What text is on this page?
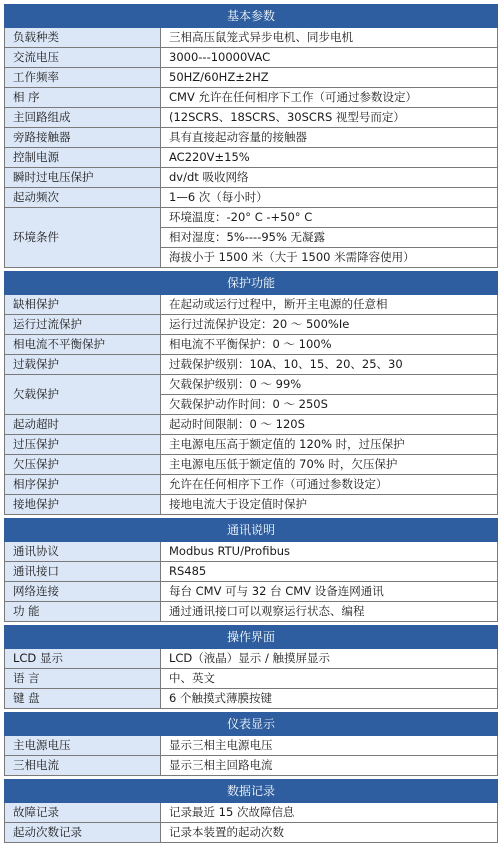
基本参数	
负载种类	三相高压鼠笼式异步电机、同步电机
交流电压	3000---10000VAC
工作频率	50HZ/60HZ±2HZ
相 序	CMV 允许在任何相序下工作（可通过参数设定）
主回路组成	(12SCRS、18SCRS、30SCRS 视型号而定）
旁路接触器	具有直接起动容量的接触器
控制电源	AC220V±15%
瞬时过电压保护	dv/dt 吸收网络
起动频次	1—6 次（每小时）
环境条件	环境温度：-20° C -+50° C
	相对湿度：5%----95% 无凝露
	海拔小于 1500 米（大于 1500 米需降容使用）

保护功能	
缺相保护	在起动或运行过程中，断开主电源的任意相
运行过流保护	运行过流保护设定：20 ～ 500%Ie
相电流不平衡保护	相电流不平衡保护：0 ～ 100%
过载保护	过载保护级别：10A、10、15、20、25、30
欠载保护	欠载保护级别：0 ～ 99%
	欠载保护动作时间：0 ～ 250S
起动超时	起动时间限制：0 ～ 120S
过压保护	主电源电压高于额定值的 120% 时，过压保护
欠压保护	主电源电压低于额定值的 70% 时，欠压保护
相序保护	允许在任何相序下工作（可通过参数设定）
接地保护	接地电流大于设定值时保护

通讯说明	
通讯协议	Modbus RTU/Profibus
通讯接口	RS485
网络连接	每台 CMV 可与 32 台 CMV 设备连网通讯
功 能	通过通讯接口可以观察运行状态、编程

操作界面	
LCD 显示	LCD（液晶）显示 / 触摸屏显示
语 言	中、英文
键 盘	6 个触摸式薄膜按键

仪表显示	
主电源电压	显示三相主电源电压
三相电流	显示三相主回路电流

数据记录	
故障记录	记录最近 15 次故障信息
起动次数记录	记录本装置的起动次数
